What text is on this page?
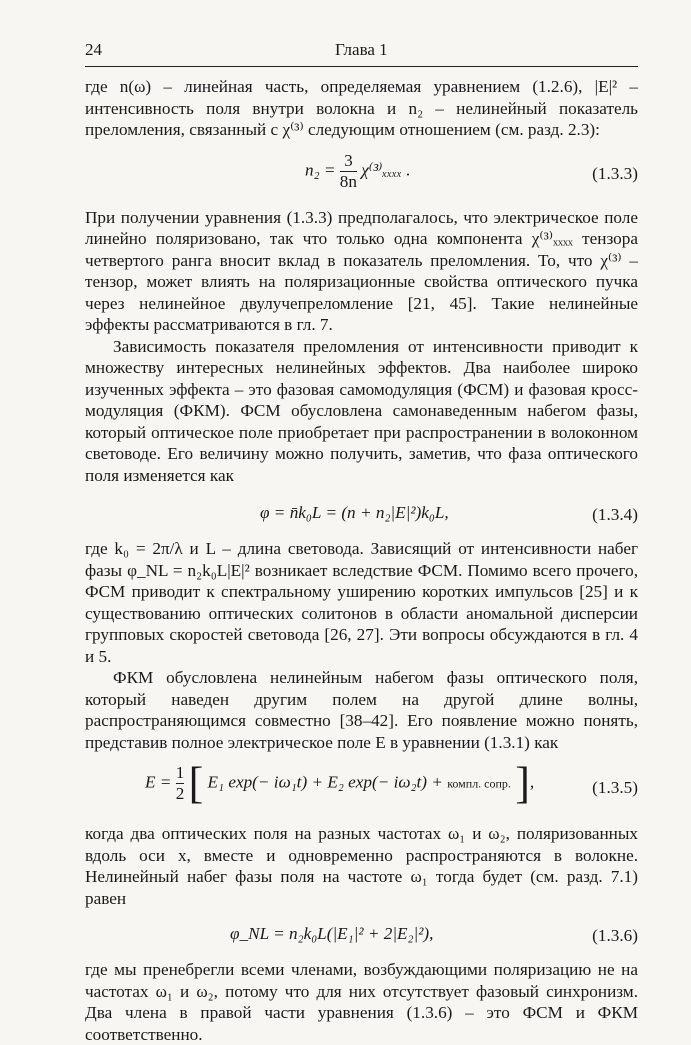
24	Глава 1

где n(ω) – линейная часть, определяемая уравнением (1.2.6), |E|² – интенсивность поля внутри волокна и n₂ – нелинейный показатель преломления, связанный с χ⁽³⁾ следующим отношением (см. разд. 2.3):

$n_2 = \frac{3}{8n} \chi^{(3)}_{xxxx}$ .	(1.3.3)

При получении уравнения (1.3.3) предполагалось, что электрическое поле линейно поляризовано, так что только одна компонента χ⁽³⁾ₓₓₓₓ тензора четвертого ранга вносит вклад в показатель преломления. То, что χ⁽³⁾ – тензор, может влиять на поляризационные свойства оптического пучка через нелинейное двулучепреломление [21, 45]. Такие нелинейные эффекты рассматриваются в гл. 7.

Зависимость показателя преломления от интенсивности приводит к множеству интересных нелинейных эффектов. Два наиболее широко изученных эффекта – это фазовая самомодуляция (ФСМ) и фазовая кросс-модуляция (ФКМ). ФСМ обусловлена самонаведенным набегом фазы, который оптическое поле приобретает при распространении в волоконном световоде. Его величину можно получить, заметив, что фаза оптического поля изменяется как

φ = n̄k₀L = (n + n₂|E|²)k₀L,	(1.3.4)

где k₀ = 2π/λ и L – длина световода. Зависящий от интенсивности набег фазы φ_NL = n₂k₀L|E|² возникает вследствие ФСМ. Помимо всего прочего, ФСМ приводит к спектральному уширению коротких импульсов [25] и к существованию оптических солитонов в области аномальной дисперсии групповых скоростей световода [26, 27]. Эти вопросы обсуждаются в гл. 4 и 5.

ФКМ обусловлена нелинейным набегом фазы оптического поля, который наведен другим полем на другой длине волны, распространяющимся совместно [38–42]. Его появление можно понять, представив полное электрическое поле E в уравнении (1.3.1) как

$E = \frac{1}{2}$ [ E₁ exp(− iω₁t) + E₂ exp(− iω₂t) + компл. сопр. ],	(1.3.5)

когда два оптических поля на разных частотах ω₁ и ω₂, поляризованных вдоль оси x, вместе и одновременно распространяются в волокне. Нелинейный набег фазы поля на частоте ω₁ тогда будет (см. разд. 7.1) равен

φ_NL = n₂k₀L(|E₁|² + 2|E₂|²),	(1.3.6)

где мы пренебрегли всеми членами, возбуждающими поляризацию не на частотах ω₁ и ω₂, потому что для них отсутствует фазовый синхронизм. Два члена в правой части уравнения (1.3.6) – это ФСМ и ФКМ соответственно.
